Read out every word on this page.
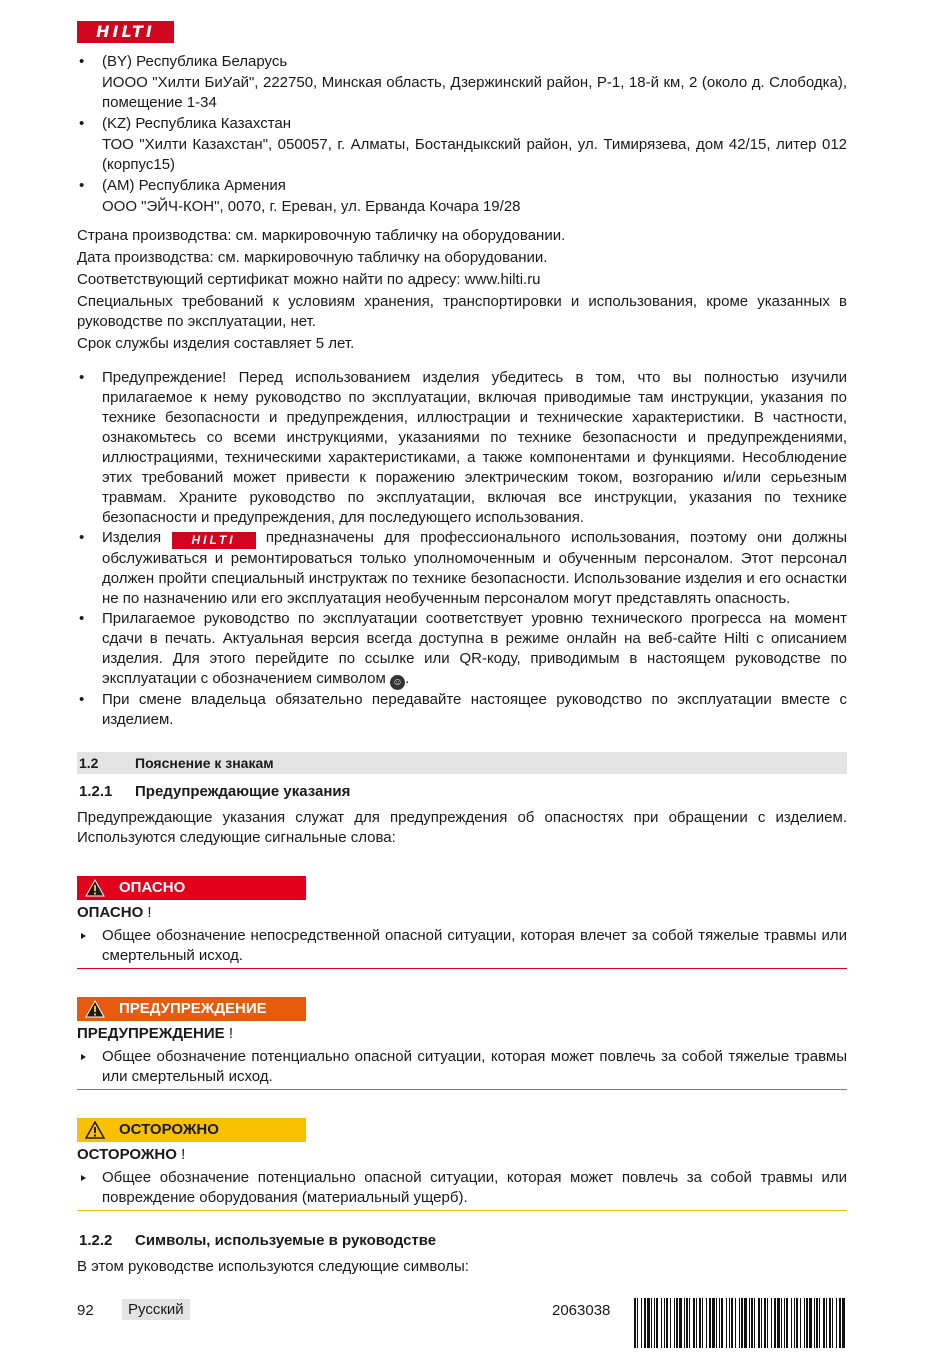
HILTI
• (BY) Республика Беларусь
ИООО "Хилти БиУай", 222750, Минская область, Дзержинский район, Р-1, 18-й км, 2 (около д. Слободка), помещение 1-34
• (KZ) Республика Казахстан
ТОО "Хилти Казахстан", 050057, г. Алматы, Бостандыкский район, ул. Тимирязева, дом 42/15, литер 012 (корпус15)
• (AM) Республика Армения
ООО "ЭЙЧ-КОН", 0070, г. Ереван, ул. Ерванда Кочара 19/28

Страна производства: см. маркировочную табличку на оборудовании.

Дата производства: см. маркировочную табличку на оборудовании.

Соответствующий сертификат можно найти по адресу: www.hilti.ru

Специальных требований к условиям хранения, транспортировки и использования, кроме указанных в руководстве по эксплуатации, нет.

Срок службы изделия составляет 5 лет.

• Предупреждение! Перед использованием изделия убедитесь в том, что вы полностью изучили прилагаемое к нему руководство по эксплуатации, включая приводимые там инструкции, указания по технике безопасности и предупреждения, иллюстрации и технические характеристики. В частности, ознакомьтесь со всеми инструкциями, указаниями по технике безопасности и предупреждениями, иллюстрациями, техническими характеристиками, а также компонентами и функциями. Несоблюдение этих требований может привести к поражению электрическим током, возгоранию и/или серьезным травмам. Храните руководство по эксплуатации, включая все инструкции, указания по технике безопасности и предупреждения, для последующего использования.
• Изделия	HILTI предназначены для профессионального использования, поэтому они должны обслуживаться и ремонтироваться только уполномоченным и обученным персоналом. Этот персонал должен пройти специальный инструктаж по технике безопасности. Использование изделия и его оснастки не по назначению или его эксплуатация необученным персоналом могут представлять опасность.
• Прилагаемое руководство по эксплуатации соответствует уровню технического прогресса на момент сдачи в печать. Актуальная версия всегда доступна в режиме онлайн на веб-сайте Hilti с описанием изделия. Для этого перейдите по ссылке или QR-коду, приводимым в настоящем руководстве по эксплуатации с обозначением символом ☺ .
• При смене владельца обязательно передавайте настоящее руководство по эксплуатации вместе с изделием.
1.2	Пояснение к знакам
1.2.1 Предупреждающие указания

Предупреждающие указания служат для предупреждения об опасностях при обращении с изделием. Используются следующие сигнальные слова:

ОПАСНО
ОПАСНО !
Общее обозначение непосредственной опасной ситуации, которая влечет за собой тяжелые травмы или смертельный исход.
ПРЕДУПРЕЖДЕНИЕ
ПРЕДУПРЕЖДЕНИЕ !
Общее обозначение потенциально опасной ситуации, которая может повлечь за собой тяжелые травмы или смертельный исход.
ОСТОРОЖНО
ОСТОРОЖНО !
Общее обозначение потенциально опасной ситуации, которая может повлечь за собой травмы или повреждение оборудования (материальный ущерб).
1.2.2 Символы, используемые в руководстве

В этом руководстве используются следующие символы:

92	Русский	2063038
